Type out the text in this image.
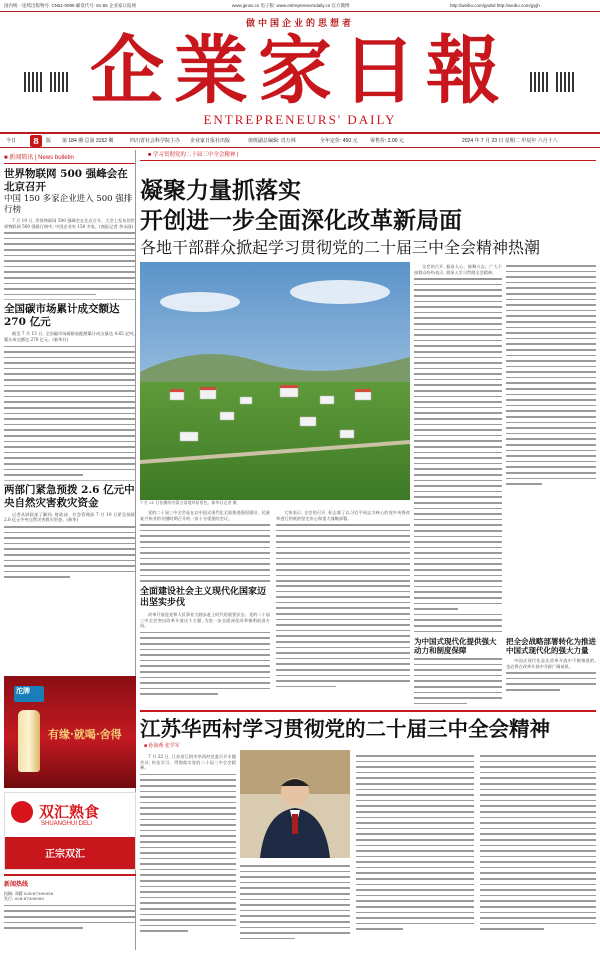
国内统一连续出版物号: CN51-0098 邮发代号: 61-85 企业家日报网	www.jpnsx.cn 电子版: www.entrepreneursdaily.cn 官方微博	http://weibo.com/jywbd http://weibo.com/jyyjh
做中国企业的思想者
企業家日報
ENTREPRENEURS' DAILY
今日	8	版 第 184 期 总第 3152 期	四川省社会科学院主办 企业家日报社出版	值班副总编辑: 肖万林	全年定价: 450 元 零售价: 2.00 元	2024 年 7 月 23 日 星期二 甲辰年 六月十八
■ 新闻简讯 | News bulletin
世界物联网 500 强峰会在北京召开
中国 150 多家企业进入 500 强排行榜
7 月 19 日, 世界物联网 500 强峰会在北京召开。大会上发布的世界物联网 500 强排行榜中, 中国企业有 150 多家。(商报记者 李永刚)
全国碳市场累计成交额达 270 亿元
截至 7 月 15 日, 全国碳市场碳排放配额累计成交量达 4.65 亿吨, 累计成交额达 270 亿元。(新华社)
两部门紧急预拨 2.6 亿元中央自然灾害救灾资金
记者从财政部了解到, 财政部、应急管理部 7 月 19 日紧急预拨 2.6 亿元中央自然灾害救灾资金。(新华)
沱牌
有缘·就喝·舍得
双汇熟食
SHUANGHUI DELI
正宗双汇
新闻热线
投稿: 邓精 028-87390050
发行: 028-87390050
■ 学习贯彻党的二十届三中全会精神 |
凝聚力量抓落实
开创进一步全面深化改革新局面
各地干部群众掀起学习贯彻党的二十届三中全会精神热潮
7 月 21 日拍摄的内蒙古某地草原景色。新华社记者 摄
党的二十届三中全会是在以中国式现代化全面推进强国建设、民族复兴伟业的关键时期召开的一次十分重要的会议。
大家表示, 全会的召开, 标志着了以习近平同志为核心的党中央将改革进行到底的坚定决心和重大战略部署。
全面建设社会主义现代化国家迈出坚实步伐
改革开放是党和人民事业大踏步赶上时代的重要法宝。党的二十届三中全会突出改革开放这个主题, 为进一步全面深化改革指明前进方向。
全会的召开, 振奋人心、鼓舞斗志。广大干部群众纷纷表示, 要深入学习贯彻全会精神。
为中国式现代化提供强大动力和制度保障
把全会战略部署转化为推进中国式现代化的强大力量
中国式现代化是在改革开放中不断推进的, 也必将在改革开放中开辟广阔前景。
江苏华西村学习贯彻党的二十届三中全会精神
■ 孙海燕 张学军
7 月 22 日, 江苏省江阴市华西村党委召开专题会议, 传达学习、贯彻落实党的二十届三中全会精神。
